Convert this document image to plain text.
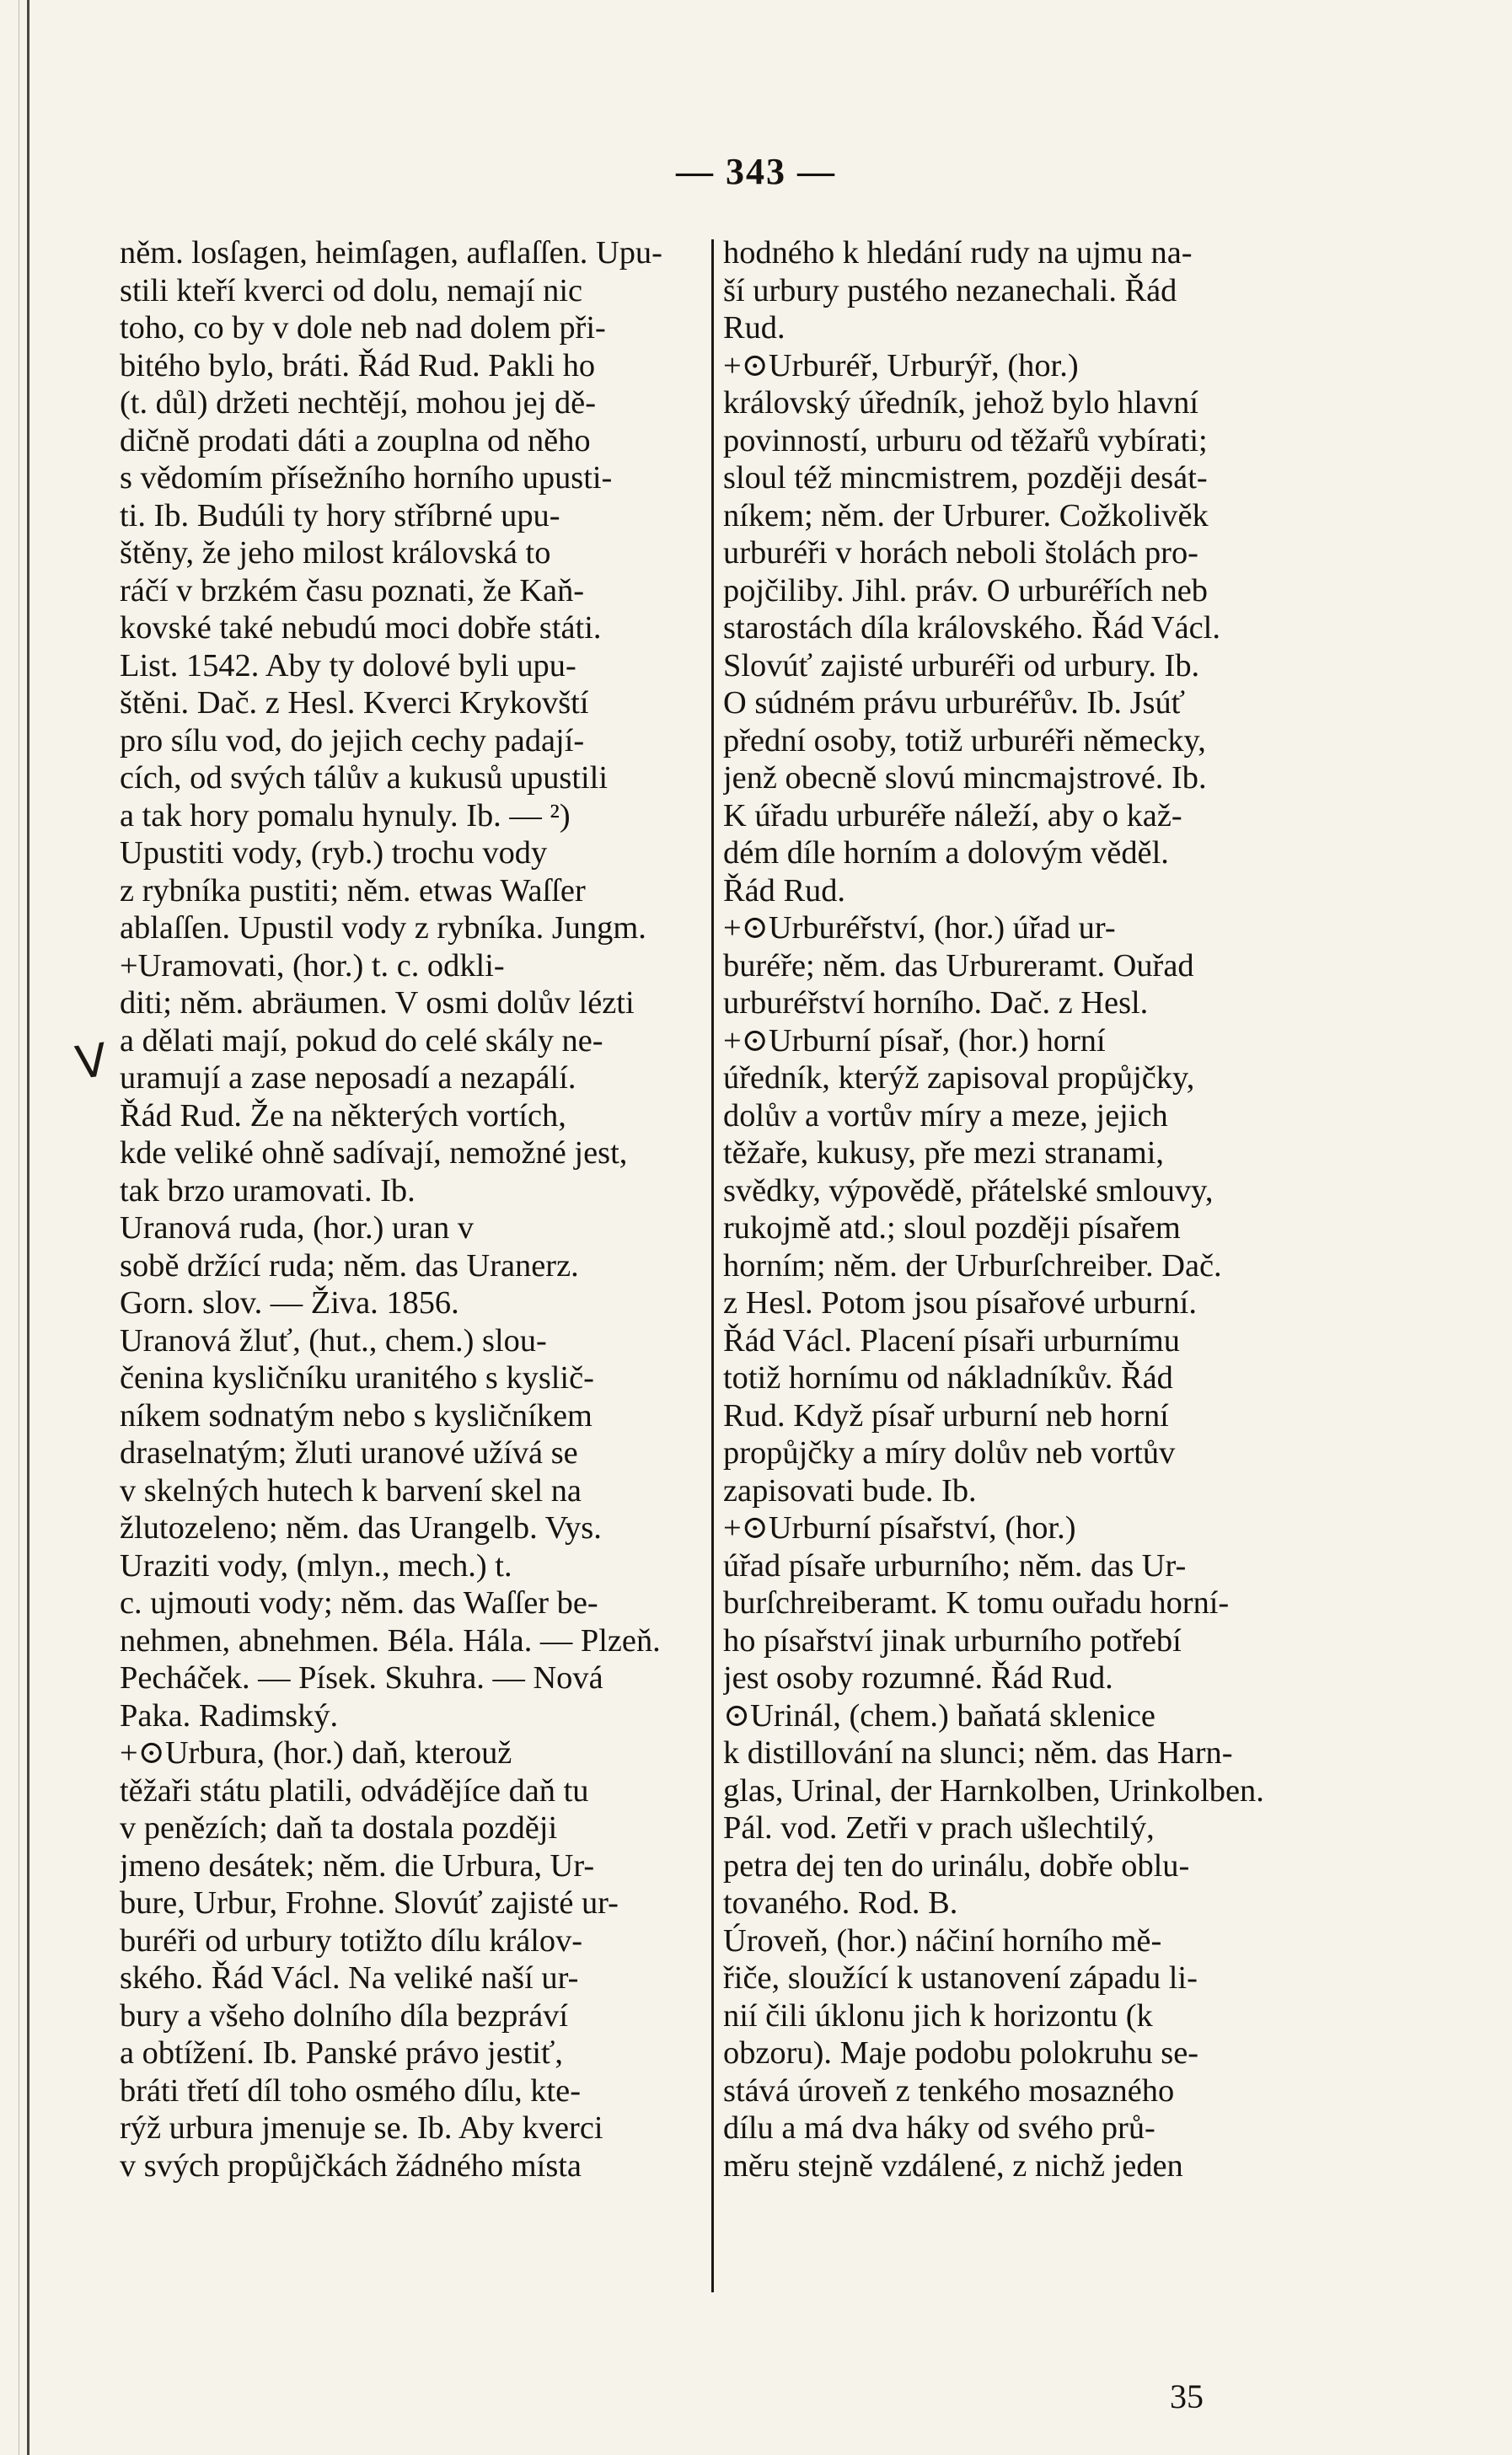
— 343 —
něm. losſagen, heimſagen, auflaſſen. Upu-
stili kteří kverci od dolu, nemají nic
toho, co by v dole neb nad dolem při-
bitého bylo, bráti. Řád Rud. Pakli ho
(t. důl) držeti nechtějí, mohou jej dě-
dičně prodati dáti a zouplna od něho
s vědomím přísežního horního upusti-
ti. Ib. Budúli ty hory stříbrné upu-
štěny, že jeho milost královská to
ráčí v brzkém času poznati, že Kaň-
kovské také nebudú moci dobře státi.
List. 1542. Aby ty dolové byli upu-
štěni. Dač. z Hesl. Kverci Krykovští
pro sílu vod, do jejich cechy padají-
cích, od svých tálův a kukusů upustili
a tak hory pomalu hynuly. Ib. — ²)
Upustiti vody, (ryb.) trochu vody
z rybníka pustiti; něm. etwas Waſſer
ablaſſen. Upustil vody z rybníka. Jungm.
+Uramovati, (hor.) t. c. odkli-
diti; něm. abräumen. V osmi dolův lézti
a dělati mají, pokud do celé skály ne-
uramují a zase neposadí a nezapálí.
Řád Rud. Že na některých vortích,
kde veliké ohně sadívají, nemožné jest,
tak brzo uramovati. Ib.
Uranová ruda, (hor.) uran v
sobě držící ruda; něm. das Uranerz.
Gorn. slov. — Živa. 1856.
Uranová žluť, (hut., chem.) slou-
čenina kysličníku uranitého s kyslič-
níkem sodnatým nebo s kysličníkem
draselnatým; žluti uranové užívá se
v skelných hutech k barvení skel na
žlutozeleno; něm. das Urangelb. Vys.
Uraziti vody, (mlyn., mech.) t.
c. ujmouti vody; něm. das Waſſer be-
nehmen, abnehmen. Béla. Hála. — Plzeň.
Pecháček. — Písek. Skuhra. — Nová
Paka. Radimský.
+⊙Urbura, (hor.) daň, kterouž
těžaři státu platili, odvádějíce daň tu
v penězích; daň ta dostala později
jmeno desátek; něm. die Urbura, Ur-
bure, Urbur, Frohne. Slovúť zajisté ur-
buréři od urbury totižto dílu králov-
ského. Řád Václ. Na veliké naší ur-
bury a všeho dolního díla bezpráví
a obtížení. Ib. Panské právo jestiť,
bráti třetí díl toho osmého dílu, kte-
rýž urbura jmenuje se. Ib. Aby kverci
v svých propůjčkách žádného místa
hodného k hledání rudy na ujmu na-
ší urbury pustého nezanechali. Řád
Rud.
+⊙Urburéř, Urburýř, (hor.)
královský úředník, jehož bylo hlavní
povinností, urburu od těžařů vybírati;
sloul též mincmistrem, později desát-
níkem; něm. der Urburer. Cožkolivěk
urburéři v horách neboli štolách pro-
pojčiliby. Jihl. práv. O urburéřích neb
starostách díla královského. Řád Václ.
Slovúť zajisté urburéři od urbury. Ib.
O súdném právu urburéřův. Ib. Jsúť
přední osoby, totiž urburéři německy,
jenž obecně slovú mincmajstrové. Ib.
K úřadu urburéře náleží, aby o kaž-
dém díle horním a dolovým věděl.
Řád Rud.
+⊙Urburéřství, (hor.) úřad ur-
buréře; něm. das Urbureramt. Ouřad
urburéřství horního. Dač. z Hesl.
+⊙Urburní písař, (hor.) horní
úředník, kterýž zapisoval propůjčky,
dolův a vortův míry a meze, jejich
těžaře, kukusy, pře mezi stranami,
svědky, výpovědě, přátelské smlouvy,
rukojmě atd.; sloul později písařem
horním; něm. der Urburſchreiber. Dač.
z Hesl. Potom jsou písařové urburní.
Řád Václ. Placení písaři urburnímu
totiž hornímu od nákladníkův. Řád
Rud. Když písař urburní neb horní
propůjčky a míry dolův neb vortův
zapisovati bude. Ib.
+⊙Urburní písařství, (hor.)
úřad písaře urburního; něm. das Ur-
burſchreiberamt. K tomu ouřadu horní-
ho písařství jinak urburního potřebí
jest osoby rozumné. Řád Rud.
⊙Urinál, (chem.) baňatá sklenice
k distillování na slunci; něm. das Harn-
glas, Urinal, der Harnkolben, Urinkolben.
Pál. vod. Zetři v prach ušlechtilý,
petra dej ten do urinálu, dobře oblu-
tovaného. Rod. B.
Úroveň, (hor.) náčiní horního mě-
řiče, sloužící k ustanovení západu li-
nií čili úklonu jich k horizontu (k
obzoru). Maje podobu polokruhu se-
stává úroveň z tenkého mosazného
dílu a má dva háky od svého prů-
měru stejně vzdálené, z nichž jeden
V
35
